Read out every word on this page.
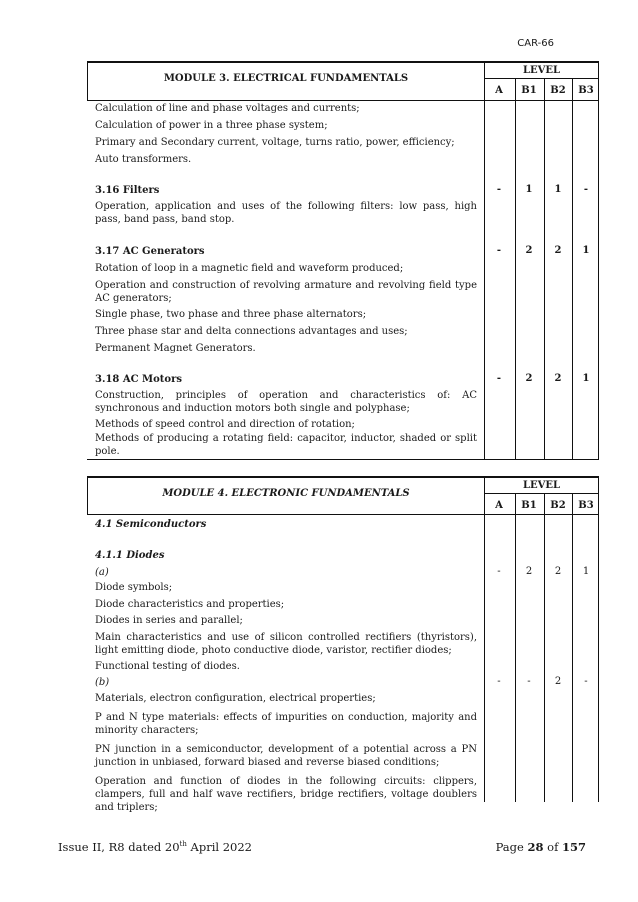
CAR-66
MODULE 3. ELECTRICAL FUNDAMENTALS
LEVEL
A	B1	B2	B3
Calculation of line and phase voltages and currents;
Calculation of power in a three phase system;
Primary and Secondary current, voltage, turns ratio, power, efficiency;
Auto transformers.
3.16 Filters	-	1	1	-
Operation, application and uses of the following filters: low pass, high pass, band pass, band stop.
3.17 AC Generators	-	2	2	1
Rotation of loop in a magnetic field and waveform produced;
Operation and construction of revolving armature and revolving field type AC generators;
Single phase, two phase and three phase alternators;
Three phase star and delta connections advantages and uses;
Permanent Magnet Generators.
3.18 AC Motors	-	2	2	1
Construction, principles of operation and characteristics of: AC synchronous and induction motors both single and polyphase;
Methods of speed control and direction of rotation;
Methods of producing a rotating field: capacitor, inductor, shaded or split pole.
MODULE 4. ELECTRONIC FUNDAMENTALS
LEVEL
A	B1	B2	B3
4.1 Semiconductors
4.1.1 Diodes
(a)	-	2	2	1
Diode symbols;
Diode characteristics and properties;
Diodes in series and parallel;
Main characteristics and use of silicon controlled rectifiers (thyristors), light emitting diode, photo conductive diode, varistor, rectifier diodes;
Functional testing of diodes.
(b)	-	-	2	-
Materials, electron configuration, electrical properties;
P and N type materials: effects of impurities on conduction, majority and minority characters;
PN junction in a semiconductor, development of a potential across a PN junction in unbiased, forward biased and reverse biased conditions;
Operation and function of diodes in the following circuits: clippers, clampers, full and half wave rectifiers, bridge rectifiers, voltage doublers and triplers;
Issue II, R8 dated 20th April 2022	Page 28 of 157
